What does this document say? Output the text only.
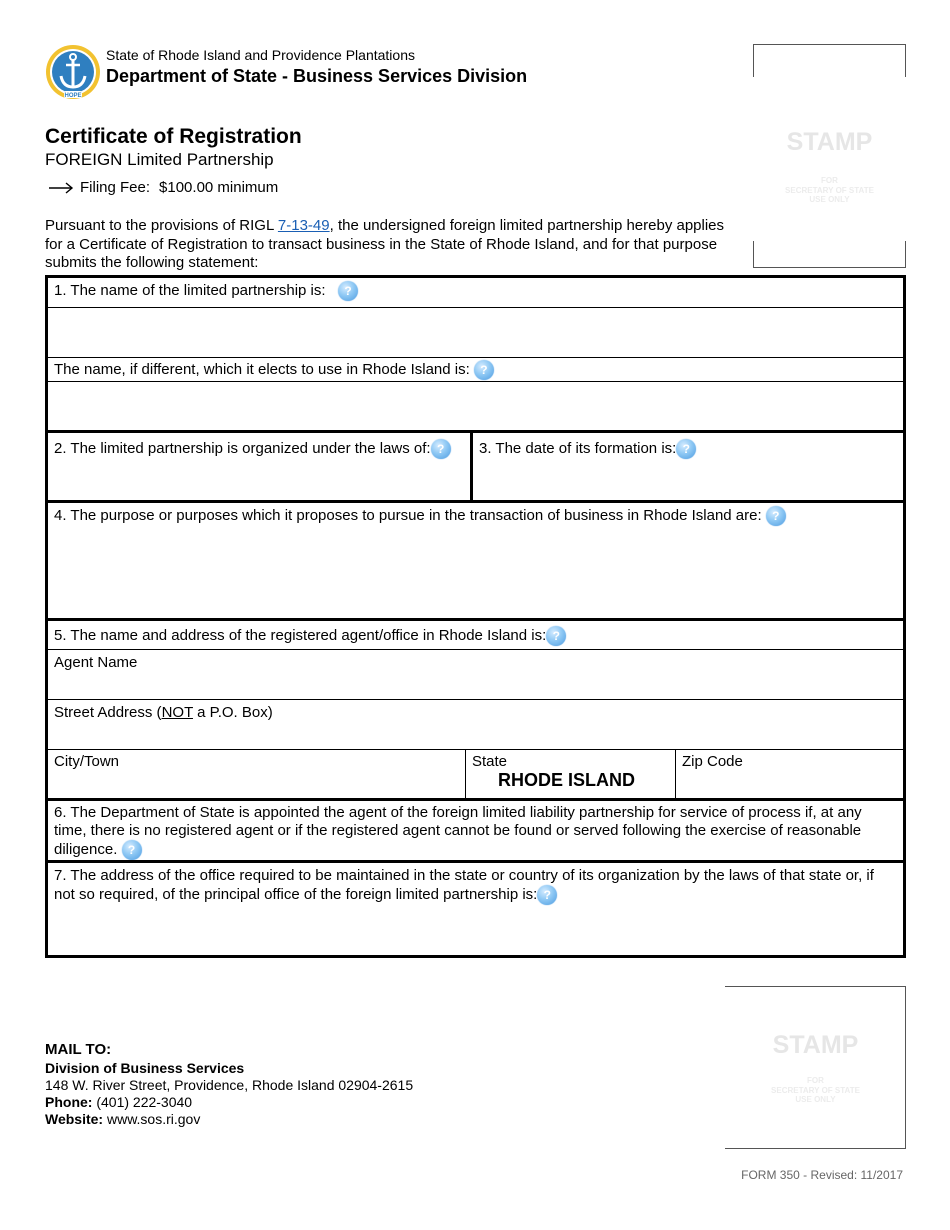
HOPE
State of Rhode Island and Providence Plantations
Department of State - Business Services Division
Certificate of Registration
FOREIGN Limited Partnership
Filing Fee: $100.00 minimum
Pursuant to the provisions of RIGL 7-13-49, the undersigned foreign limited partnership hereby applies for a Certificate of Registration to transact business in the State of Rhode Island, and for that purpose submits the following statement:
STAMP
FOR
SECRETARY OF STATE
USE ONLY
1. The name of the limited partnership is: ?
The name, if different, which it elects to use in Rhode Island is: ?
2. The limited partnership is organized under the laws of: ?	3. The date of its formation is: ?
4. The purpose or purposes which it proposes to pursue in the transaction of business in Rhode Island are: ?
5. The name and address of the registered agent/office in Rhode Island is: ?
Agent Name
Street Address (NOT a P.O. Box)
City/Town	State
RHODE ISLAND
Zip Code
6. The Department of State is appointed the agent of the foreign limited liability partnership for service of process if, at any time, there is no registered agent or if the registered agent cannot be found or served following the exercise of reasonable diligence. ?
7. The address of the office required to be maintained in the state or country of its organization by the laws of that state or, if not so required, of the principal office of the foreign limited partnership is: ?
STAMP
FOR
SECRETARY OF STATE
USE ONLY
MAIL TO:
Division of Business Services
148 W. River Street, Providence, Rhode Island 02904-2615
Phone: (401) 222-3040
Website: www.sos.ri.gov
FORM 350 - Revised: 11/2017
